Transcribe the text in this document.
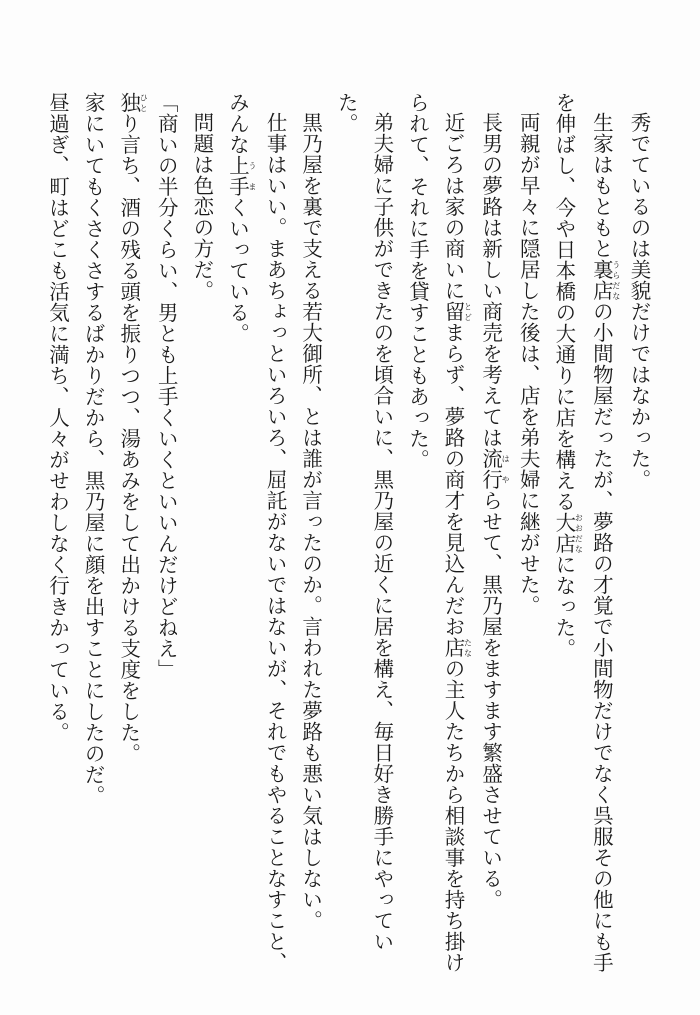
秀でているのは美貌だけではなかった。
生家はもともと裏店うらだなの小間物屋だったが、夢路の才覚で小間物だけでなく呉服その他にも手
を伸ばし、今や日本橋の大通りに店を構える大店おおだなになった。
両親が早々に隠居した後は、店を弟夫婦に継がせた。
長男の夢路は新しい商売を考えては流行はやらせて、黒乃屋をますます繁盛させている。
近ごろは家の商いに留とどまらず、夢路の商才を見込んだお店たなの主人たちから相談事を持ち掛け
られて、それに手を貸すこともあった。
弟夫婦に子供ができたのを頃合いに、黒乃屋の近くに居を構え、毎日好き勝手にやってい
た。
黒乃屋を裏で支える若大御所、とは誰が言ったのか。言われた夢路も悪い気はしない。
仕事はいい。まあちょっといろいろ、屈託がないではないが、それでもやることなすこと、
みんな上手うまくいっている。
問題は色恋の方だ。
「商いの半分くらい、男とも上手くいくといいんだけどねえ」
独ひとり言ち、酒の残る頭を振りつつ、湯あみをして出かける支度をした。
家にいてもくさくさするばかりだから、黒乃屋に顔を出すことにしたのだ。
昼過ぎ、町はどこも活気に満ち、人々がせわしなく行きかっている。
